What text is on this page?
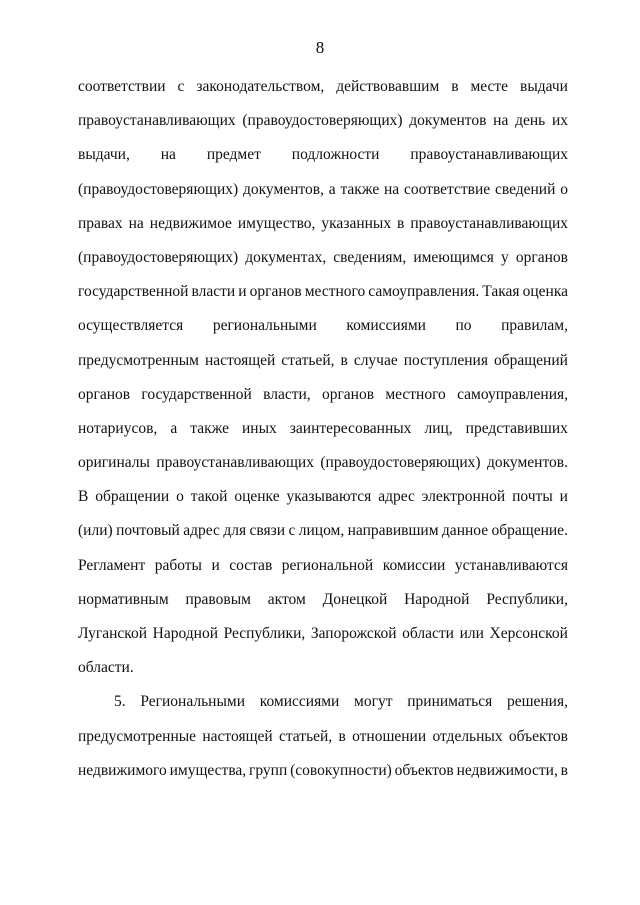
8
соответствии с законодательством, действовавшим в месте выдачи
правоустанавливающих (правоудостоверяющих) документов на день их
выдачи, на предмет подложности правоустанавливающих
(правоудостоверяющих) документов, а также на соответствие сведений о
правах на недвижимое имущество, указанных в правоустанавливающих
(правоудостоверяющих) документах, сведениям, имеющимся у органов
государственной власти и органов местного самоуправления. Такая оценка
осуществляется региональными комиссиями по правилам,
предусмотренным настоящей статьей, в случае поступления обращений
органов государственной власти, органов местного самоуправления,
нотариусов, а также иных заинтересованных лиц, представивших
оригиналы правоустанавливающих (правоудостоверяющих) документов.
В обращении о такой оценке указываются адрес электронной почты и
(или) почтовый адрес для связи с лицом, направившим данное обращение.
Регламент работы и состав региональной комиссии устанавливаются
нормативным правовым актом Донецкой Народной Республики,
Луганской Народной Республики, Запорожской области или Херсонской
области.
5. Региональными комиссиями могут приниматься решения,
предусмотренные настоящей статьей, в отношении отдельных объектов
недвижимого имущества, групп (совокупности) объектов недвижимости, в
